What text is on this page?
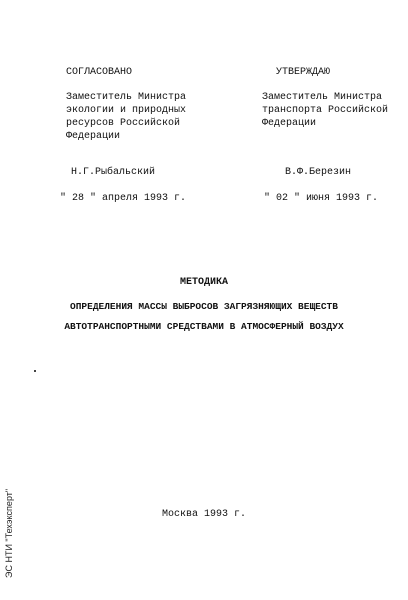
СОГЛАСОВАНО
Заместитель Министра
экологии и природных
ресурсов Российской
Федерации
Н.Г.Рыбальский
" 28 " апреля 1993 г.
УТВЕРЖДАЮ
Заместитель Министра
транспорта Российской
Федерации
В.Ф.Березин
" 02 " июня 1993 г.
МЕТОДИКА
ОПРЕДЕЛЕНИЯ МАССЫ ВЫБРОСОВ ЗАГРЯЗНЯЮЩИХ ВЕЩЕСТВ
АВТОТРАНСПОРТНЫМИ СРЕДСТВАМИ В АТМОСФЕРНЫЙ ВОЗДУХ
Москва 1993 г.
ЭС НТИ "Техэксперт"
